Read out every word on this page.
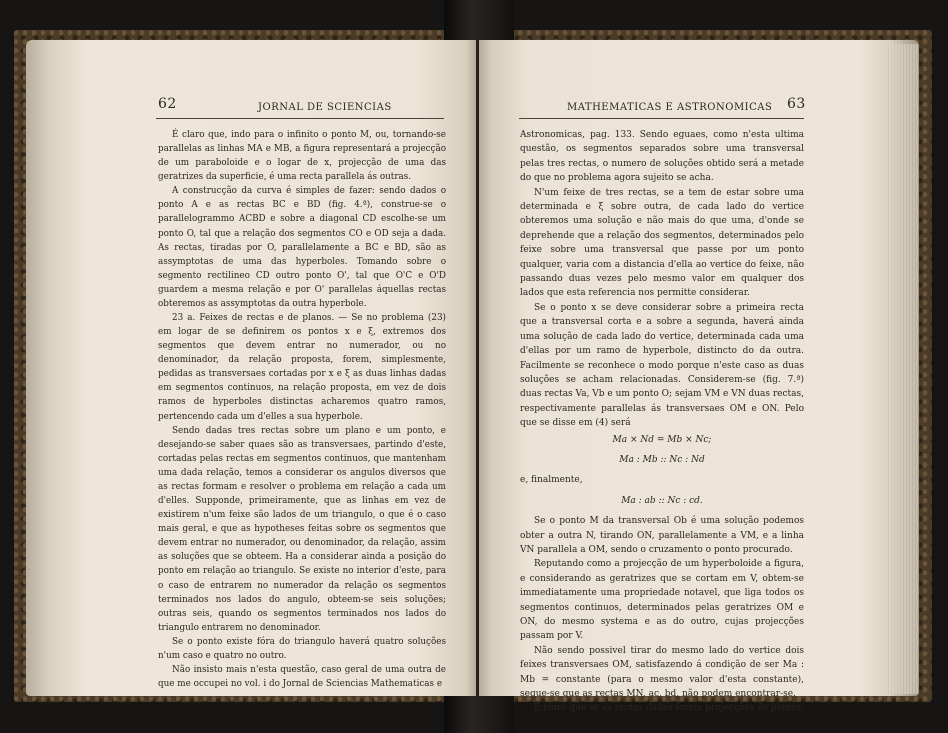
62	JORNAL DE SCIENCIAS

É claro que, indo para o infinito o ponto M, ou, tornando-se parallelas as linhas MA e MB, a figura representará a projecção de um paraboloide e o logar de x, projecção de uma das geratrizes da superficie, é uma recta parallela ás outras.

A construcção da curva é simples de fazer: sendo dados o ponto A e as rectas BC e BD (fig. 4.ª), construe-se o parallelogrammo ACBD e sobre a diagonal CD escolhe-se um ponto O, tal que a relação dos segmentos CO e OD seja a dada. As rectas, tiradas por O, parallelamente a BC e BD, são as assymptotas de uma das hyperboles. Tomando sobre o segmento rectilineo CD outro ponto O', tal que O'C e O'D guardem a mesma relação e por O' parallelas áquellas rectas obteremos as assymptotas da outra hyperbole.

23 a. Feixes de rectas e de planos. — Se no problema (23) em logar de se definirem os pontos x e ξ, extremos dos segmentos que devem entrar no numerador, ou no denominador, da relação proposta, forem, simplesmente, pedidas as transversaes cortadas por x e ξ as duas linhas dadas em segmentos continuos, na relação proposta, em vez de dois ramos de hyperboles distinctas acharemos quatro ramos, pertencendo cada um d'elles a sua hyperbole.

Sendo dadas tres rectas sobre um plano e um ponto, e desejando-se saber quaes são as transversaes, partindo d'este, cortadas pelas rectas em segmentos continuos, que mantenham uma dada relação, temos a considerar os angulos diversos que as rectas formam e resolver o problema em relação a cada um d'elles. Supponde, primeiramente, que as linhas em vez de existirem n'um feixe são lados de um triangulo, o que é o caso mais geral, e que as hypotheses feitas sobre os segmentos que devem entrar no numerador, ou denominador, da relação, assim as soluções que se obteem. Ha a considerar ainda a posição do ponto em relação ao triangulo. Se existe no interior d'este, para o caso de entrarem no numerador da relação os segmentos terminados nos lados do angulo, obteem-se seis soluções; outras seis, quando os segmentos terminados nos lados do triangulo entrarem no denominador.

Se o ponto existe fóra do triangulo haverá quatro soluções n'um caso e quatro no outro.

Não insisto mais n'esta questão, caso geral de uma outra de que me occupei no vol. i do Jornal de Sciencias Mathematicas e

MATHEMATICAS E ASTRONOMICAS 63

Astronomicas, pag. 133. Sendo eguaes, como n'esta ultima questão, os segmentos separados sobre uma transversal pelas tres rectas, o numero de soluções obtido será a metade do que no problema agora sujeito se acha.

N'um feixe de tres rectas, se a tem de estar sobre uma determinada e ξ sobre outra, de cada lado do vertice obteremos uma solução e não mais do que uma, d'onde se deprehende que a relação dos segmentos, determinados pelo feixe sobre uma transversal que passe por um ponto qualquer, varia com a distancia d'ella ao vertice do feixe, não passando duas vezes pelo mesmo valor em qualquer dos lados que esta referencia nos permitte considerar.

Se o ponto x se deve considerar sobre a primeira recta que a transversal corta e a sobre a segunda, haverá ainda uma solução de cada lado do vertice, determinada cada uma d'ellas por um ramo de hyperbole, distincto do da outra. Facilmente se reconhece o modo porque n'este caso as duas soluções se acham relacionadas. Considerem-se (fig. 7.ª) duas rectas Va, Vb e um ponto O; sejam VM e VN duas rectas, respectivamente parallelas ás transversaes OM e ON. Pelo que se disse em (4) será

Ma × Nd = Mb × Nc;
Ma : Mb :: Nc : Nd

e, finalmente,

Ma : ab :: Nc : cd.

Se o ponto M da transversal Ob é uma solução podemos obter a outra N, tirando ON, parallelamente a VM, e a linha VN parallela a OM, sendo o cruzamento o ponto procurado.

Reputando como a projecção de um hyperboloide a figura, e considerando as geratrizes que se cortam em V, obtem-se immediatamente uma propriedade notavel, que liga todos os segmentos continuos, determinados pelas geratrizes OM e ON, do mesmo systema e as do outro, cujas projecções passam por V.

Não sendo possivel tirar do mesmo lado do vertice dois feixes transversaes OM, satisfazendo á condição de ser Ma : Mb = constante (para o mesmo valor d'esta constante), segue-se que as rectas MN, ac, bd, não podem encontrar-se.

É claro que se as rectas dadas forem projecções de planos,
